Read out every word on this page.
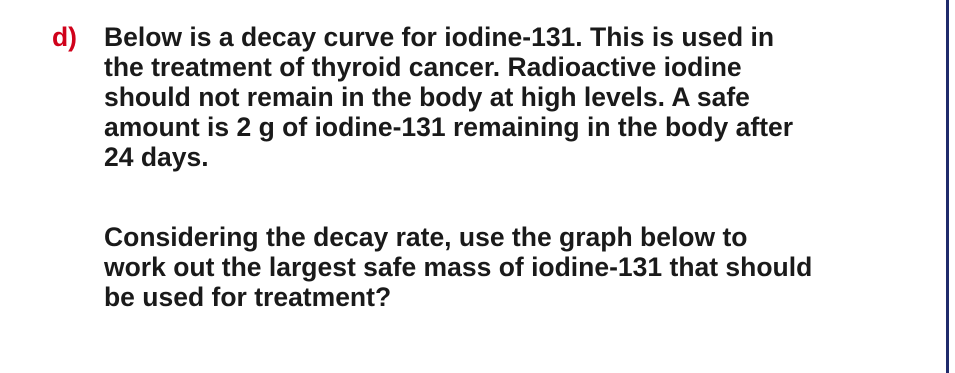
d) Below is a decay curve for iodine-131. This is used in
the treatment of thyroid cancer. Radioactive iodine
should not remain in the body at high levels. A safe
amount is 2 g of iodine-131 remaining in the body after
24 days.
Considering the decay rate, use the graph below to
work out the largest safe mass of iodine-131 that should
be used for treatment?
